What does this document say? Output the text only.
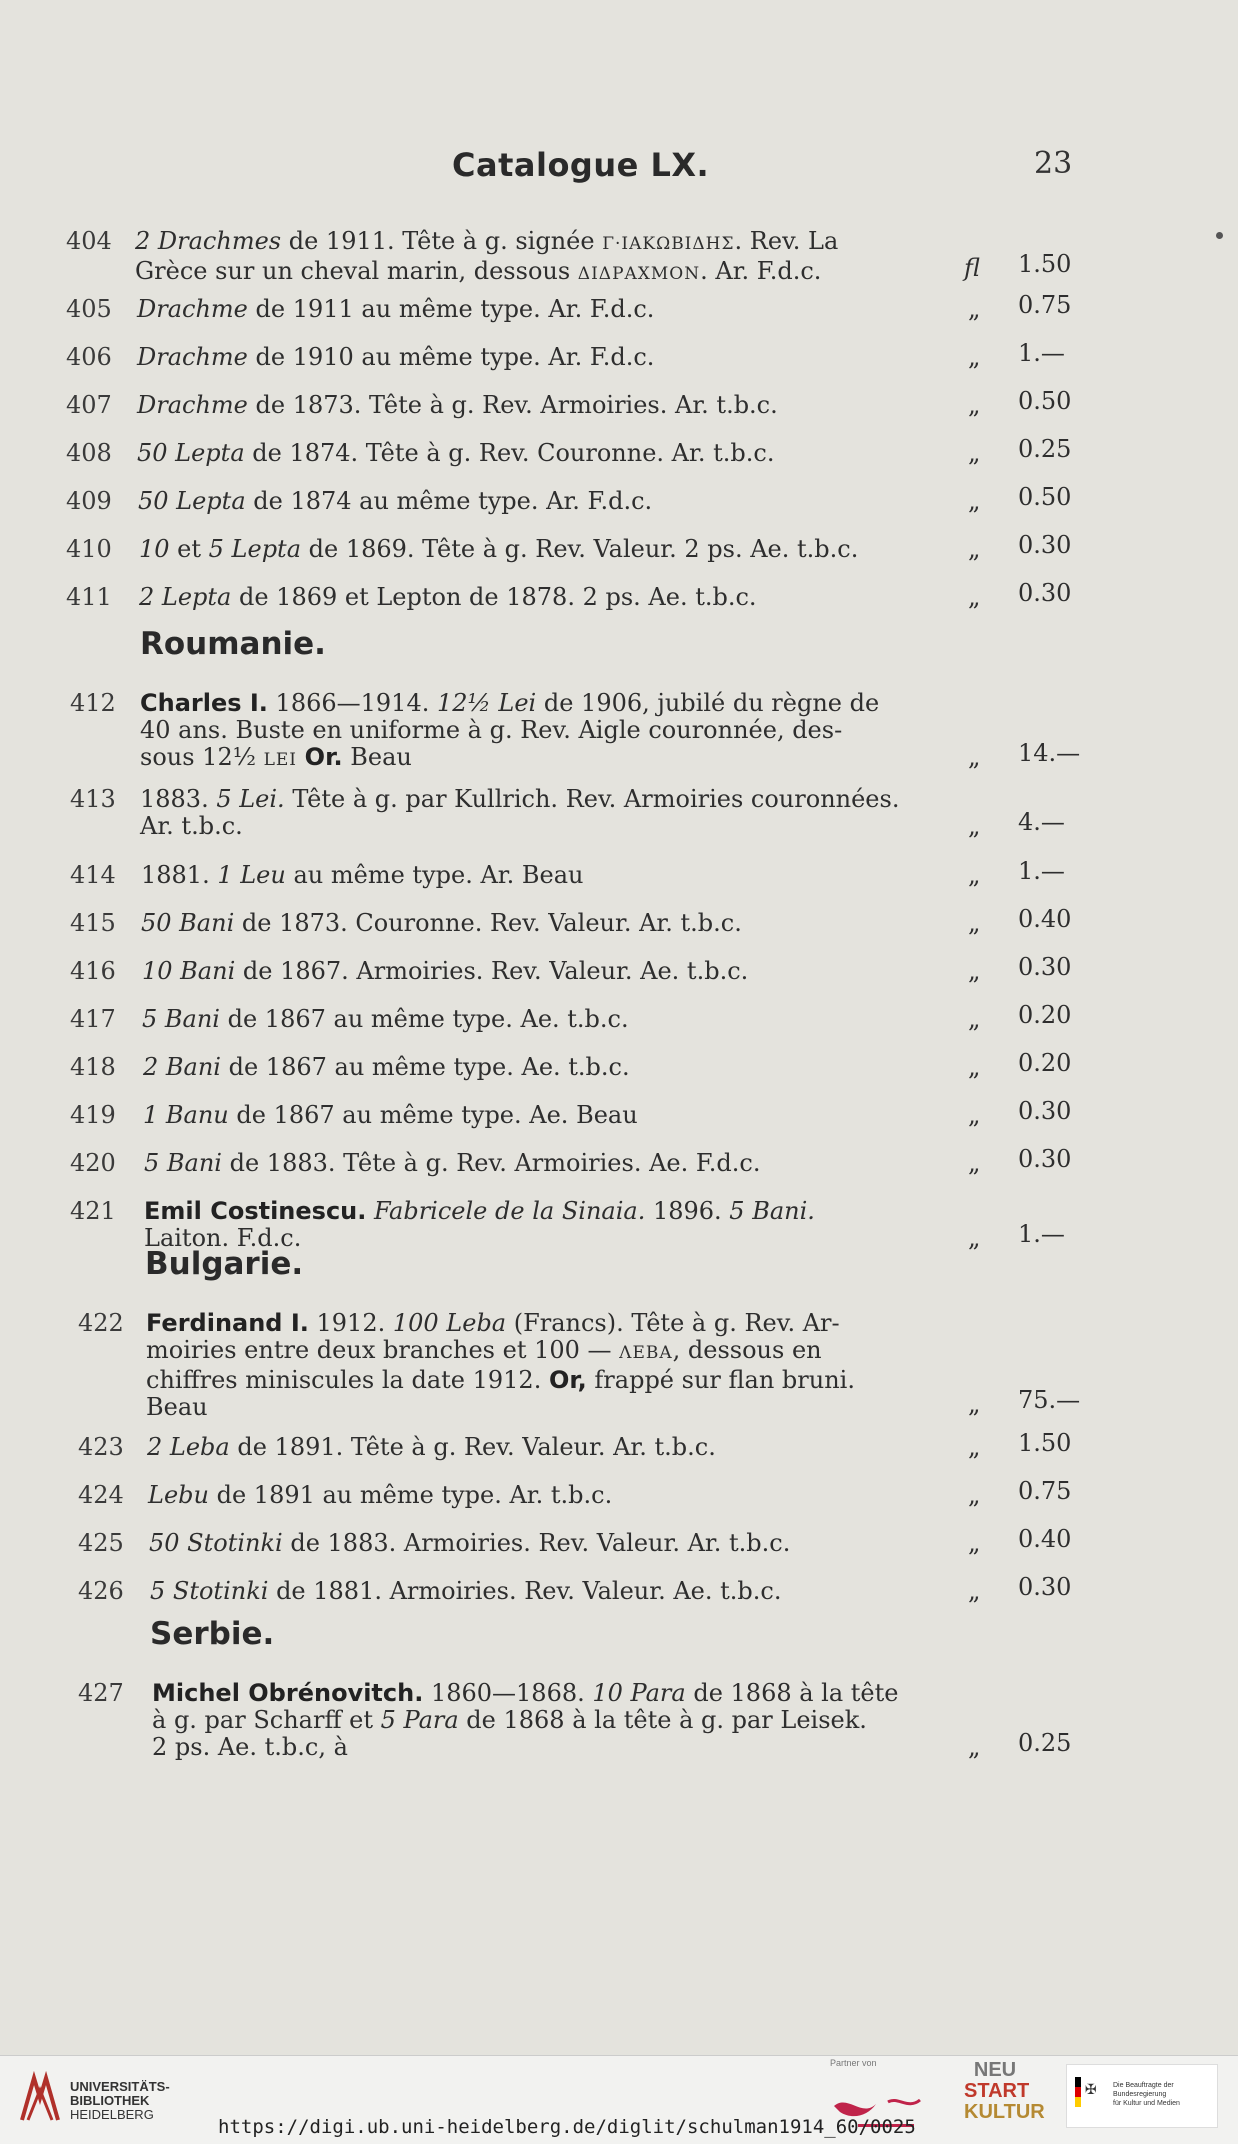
Catalogue LX.	23
404 2 Drachmes de 1911. Tête à g. signée Γ·ΙΑΚΩΒΙΔΗΣ. Rev. La
Grèce sur un cheval marin, dessous ΔΙΔΡΑΧΜΟΝ. Ar. F.d.c.	fl 1.50
405 Drachme de 1911 au même type. Ar. F.d.c.	„ 0.75
406 Drachme de 1910 au même type. Ar. F.d.c.	„ 1.—
407 Drachme de 1873. Tête à g. Rev. Armoiries. Ar. t.b.c.	„ 0.50
408 50 Lepta de 1874. Tête à g. Rev. Couronne. Ar. t.b.c.	„ 0.25
409 50 Lepta de 1874 au même type. Ar. F.d.c.	„ 0.50
410 10 et 5 Lepta de 1869. Tête à g. Rev. Valeur. 2 ps. Ae. t.b.c.	„ 0.30
411 2 Lepta de 1869 et Lepton de 1878. 2 ps. Ae. t.b.c.	„ 0.30
Roumanie.
412 Charles I. 1866—1914. 12½ Lei de 1906, jubilé du règne de
40 ans. Buste en uniforme à g. Rev. Aigle couronnée, des-
sous 12½ LEI Or. Beau	„ 14.—
413 1883. 5 Lei. Tête à g. par Kullrich. Rev. Armoiries couronnées.
Ar. t.b.c.	„ 4.—
414 1881. 1 Leu au même type. Ar. Beau	„ 1.—
415 50 Bani de 1873. Couronne. Rev. Valeur. Ar. t.b.c.	„ 0.40
416 10 Bani de 1867. Armoiries. Rev. Valeur. Ae. t.b.c.	„ 0.30
417 5 Bani de 1867 au même type. Ae. t.b.c.	„ 0.20
418 2 Bani de 1867 au même type. Ae. t.b.c.	„ 0.20
419 1 Banu de 1867 au même type. Ae. Beau	„ 0.30
420 5 Bani de 1883. Tête à g. Rev. Armoiries. Ae. F.d.c.	„ 0.30
421 Emil Costinescu. Fabricele de la Sinaia. 1896. 5 Bani.
Laiton. F.d.c.	„ 1.—
Bulgarie.
422 Ferdinand I. 1912. 100 Leba (Francs). Tête à g. Rev. Ar-
moiries entre deux branches et 100 — ΛΕΒΑ, dessous en
chiffres miniscules la date 1912. Or, frappé sur flan bruni.
Beau	„ 75.—
423 2 Leba de 1891. Tête à g. Rev. Valeur. Ar. t.b.c.	„ 1.50
424 Lebu de 1891 au même type. Ar. t.b.c.	„ 0.75
425 50 Stotinki de 1883. Armoiries. Rev. Valeur. Ar. t.b.c.	„ 0.40
426 5 Stotinki de 1881. Armoiries. Rev. Valeur. Ae. t.b.c.	„ 0.30
Serbie.
427 Michel Obrénovitch. 1860—1868. 10 Para de 1868 à la tête
à g. par Scharff et 5 Para de 1868 à la tête à g. par Leisek.
2 ps. Ae. t.b.c, à	„ 0.25
UNIVERSITÄTS-
BIBLIOTHEK
HEIDELBERG
Partner von
https://digi.ub.uni-heidelberg.de/diglit/schulman1914_60/0025
NEU
START
KULTUR
✠ Die Beauftragte der Bundesregierung
für Kultur und Medien
